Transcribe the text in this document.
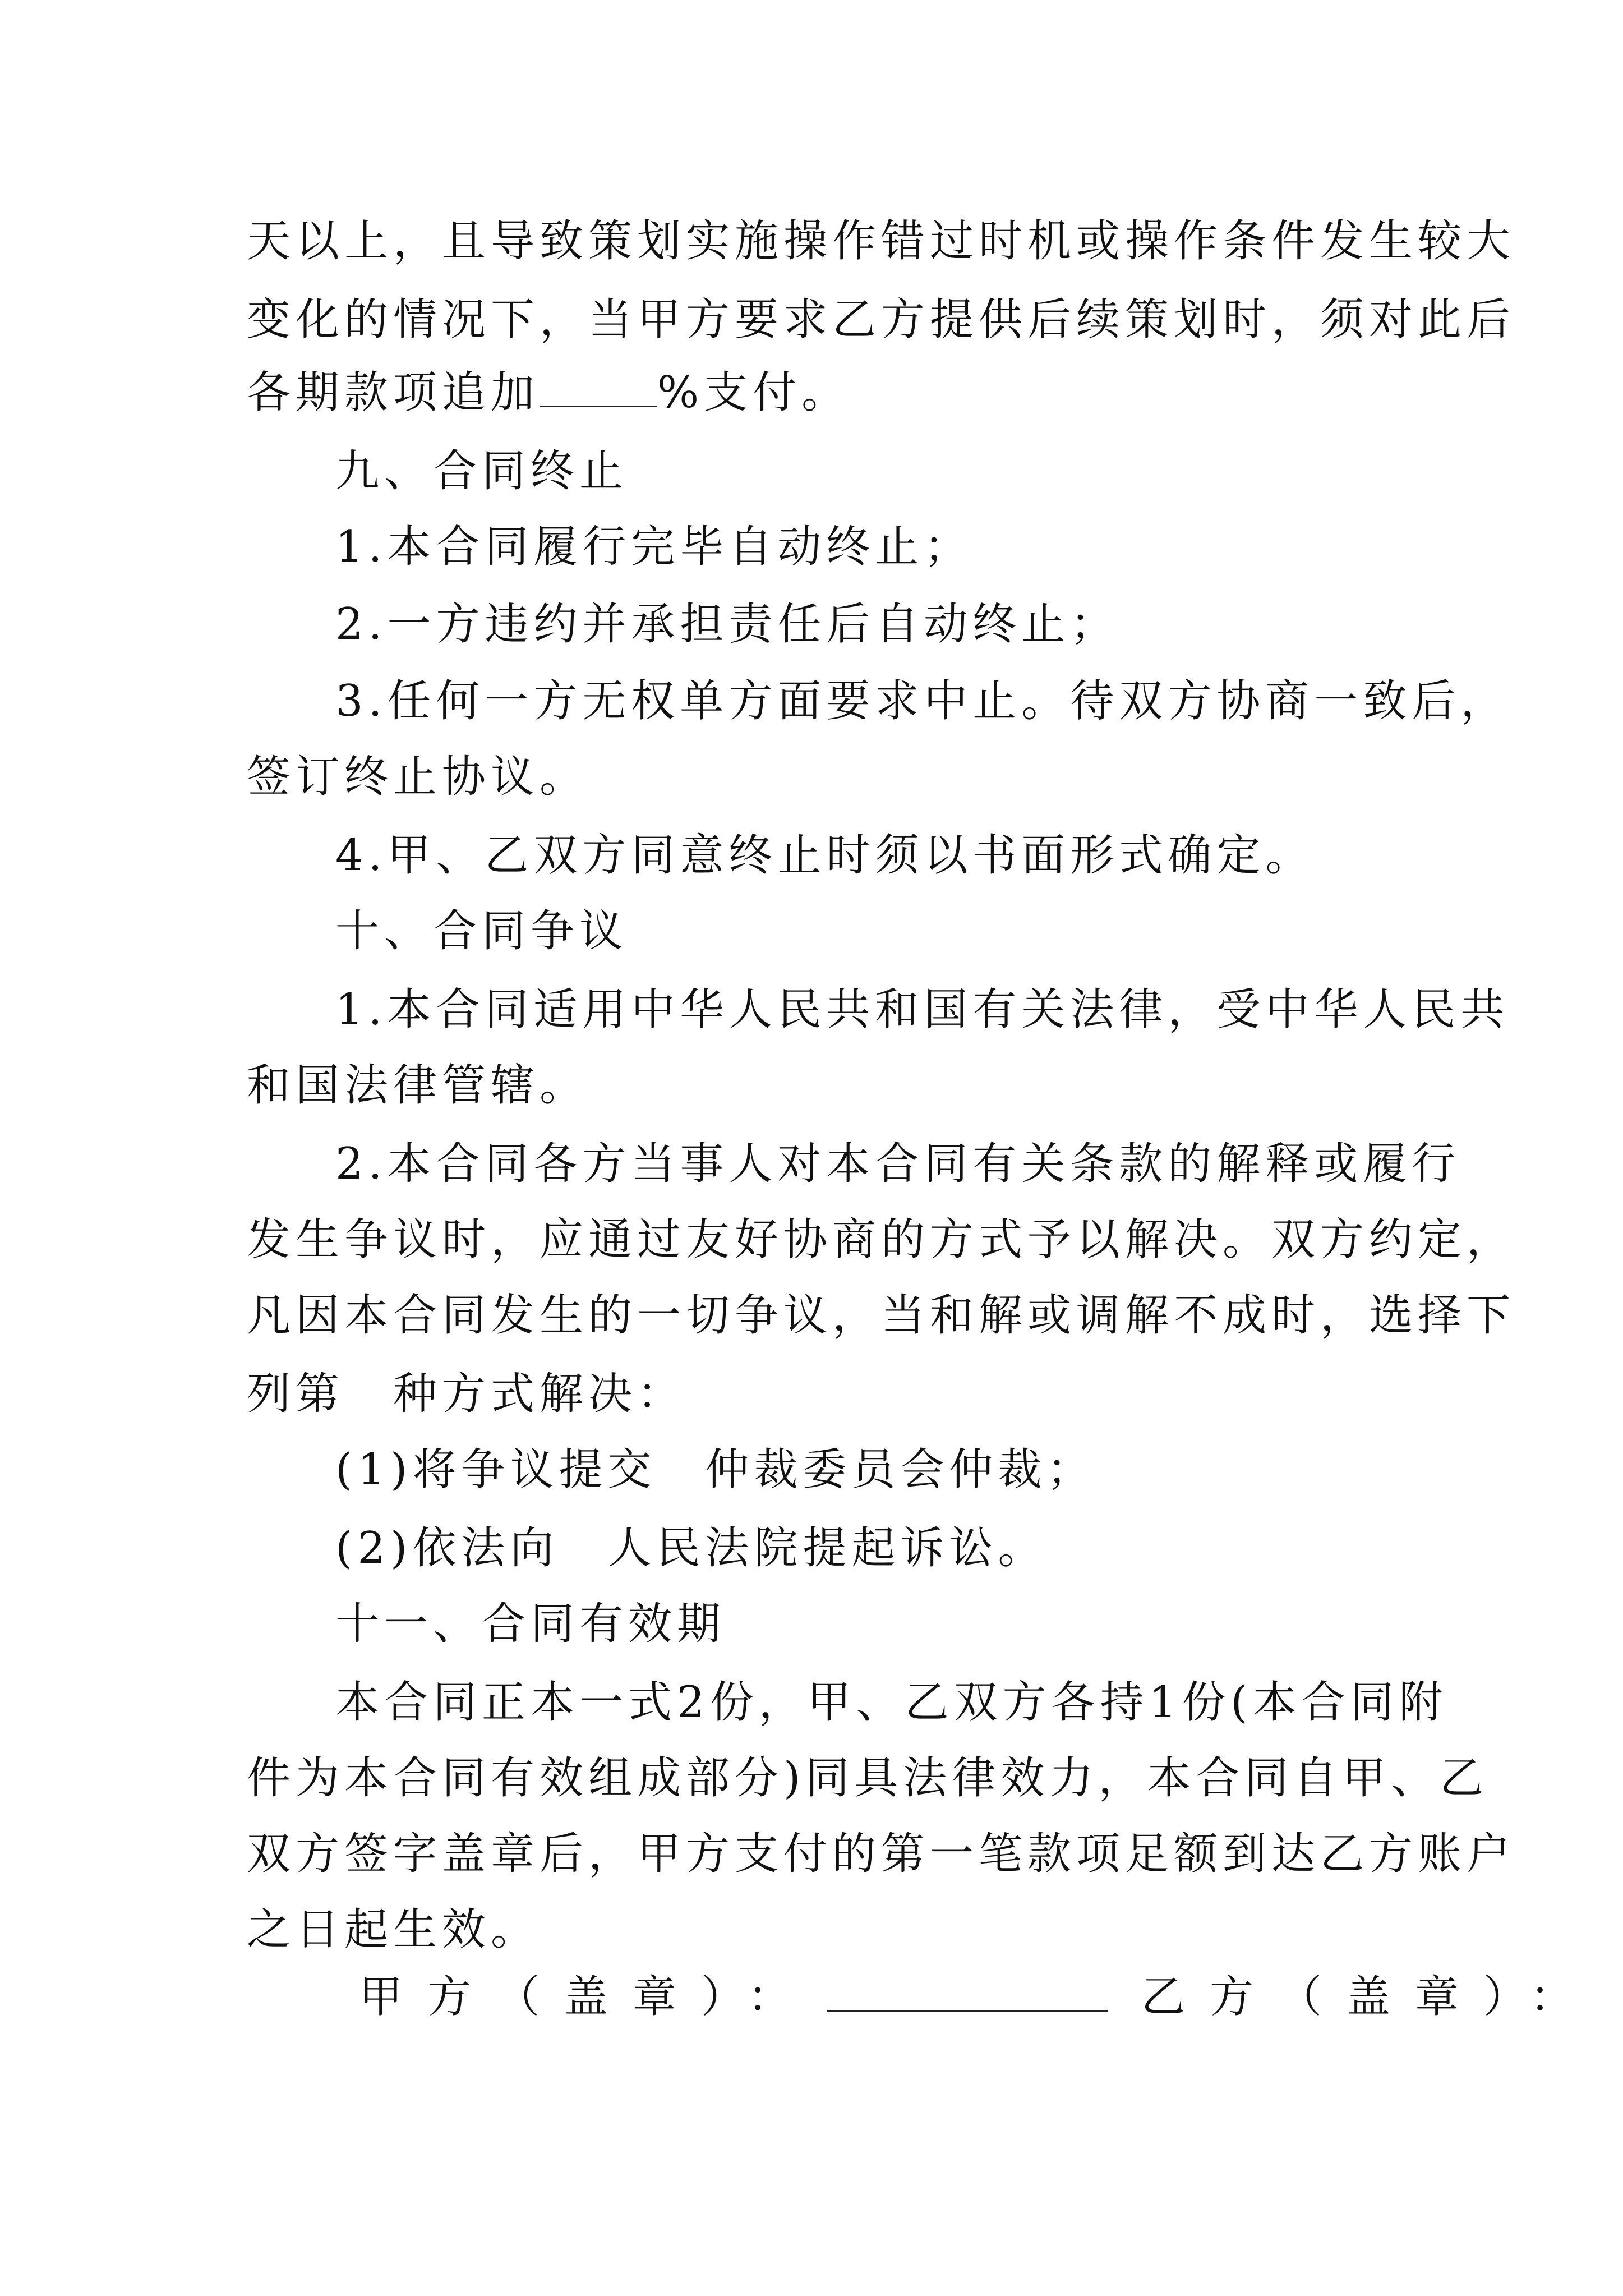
天以上，且导致策划实施操作错过时机或操作条件发生较大
变化的情况下，当甲方要求乙方提供后续策划时，须对此后
各期款项追加	%支付。
九、合同终止
1.本合同履行完毕自动终止；
2.一方违约并承担责任后自动终止；
3.任何一方无权单方面要求中止。待双方协商一致后，
签订终止协议。
4.甲、乙双方同意终止时须以书面形式确定。
十、合同争议
1.本合同适用中华人民共和国有关法律，受中华人民共
和国法律管辖。
2.本合同各方当事人对本合同有关条款的解释或履行
发生争议时，应通过友好协商的方式予以解决。双方约定，
凡因本合同发生的一切争议，当和解或调解不成时，选择下
列第　种方式解决：
(1)将争议提交　仲裁委员会仲裁；
(2)依法向　人民法院提起诉讼。
十一、合同有效期
本合同正本一式2份，甲、乙双方各持1份(本合同附
件为本合同有效组成部分)同具法律效力，本合同自甲、乙
双方签字盖章后，甲方支付的第一笔款项足额到达乙方账户
之日起生效。
甲方（盖章）：	乙方（盖章）：
